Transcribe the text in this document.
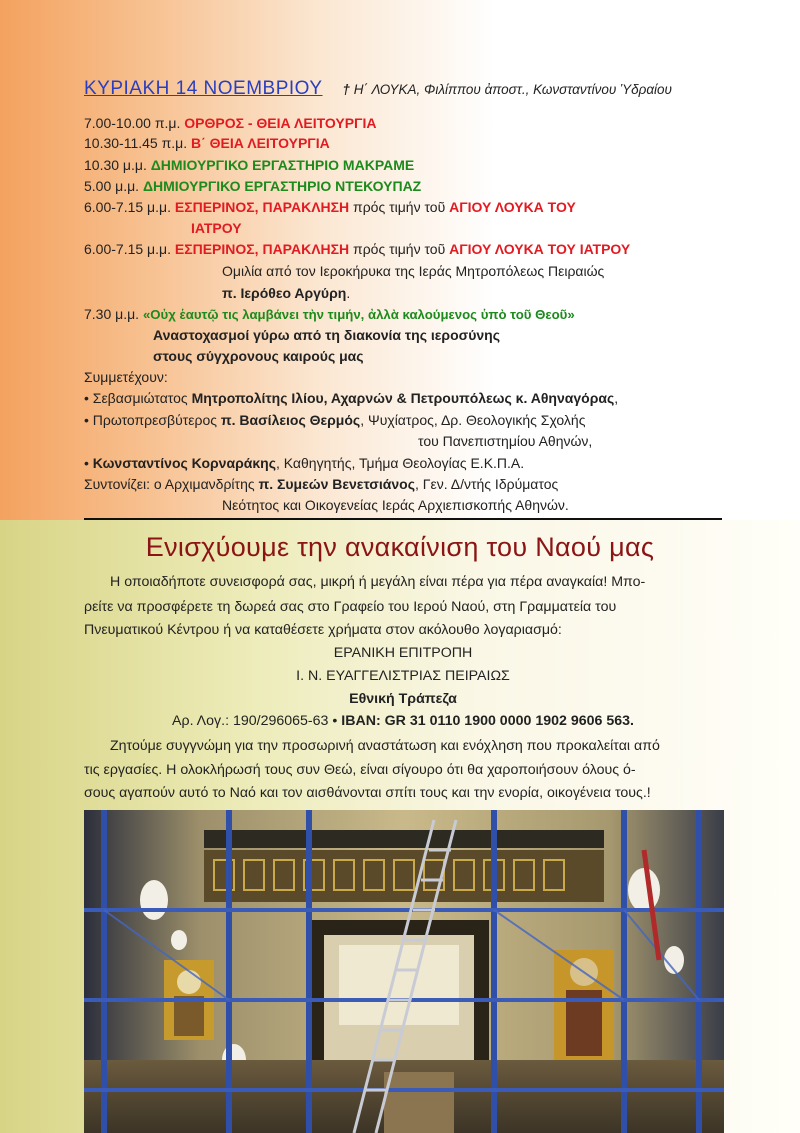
ΚΥΡΙΑΚΗ 14 ΝΟΕΜΒΡΙΟΥ † Η΄ ΛΟΥΚΑ, Φιλίππου ἀποστ., Κωνσταντίνου Ὑδραίου
7.00-10.00 π.μ. ΟΡΘΡΟΣ - ΘΕΙΑ ΛΕΙΤΟΥΡΓΙΑ
10.30-11.45 π.μ. Β΄ ΘΕΙΑ ΛΕΙΤΟΥΡΓΙΑ
10.30 μ.μ. ΔΗΜΙΟΥΡΓΙΚΟ ΕΡΓΑΣΤΗΡΙΟ ΜΑΚΡΑΜΕ
5.00 μ.μ. ΔΗΜΙΟΥΡΓΙΚΟ ΕΡΓΑΣΤΗΡΙΟ ΝΤΕΚΟΥΠΑΖ
6.00-7.15 μ.μ. ΕΣΠΕΡΙΝΟΣ, ΠΑΡΑΚΛΗΣΗ πρός τιμήν τοῦ ΑΓΙΟΥ ΛΟΥΚΑ ΤΟΥ
ΙΑΤΡΟΥ
6.00-7.15 μ.μ. ΕΣΠΕΡΙΝΟΣ, ΠΑΡΑΚΛΗΣΗ πρός τιμήν τοῦ ΑΓΙΟΥ ΛΟΥΚΑ ΤΟΥ ΙΑΤΡΟΥ
Ομιλία από τον Ιεροκήρυκα της Ιεράς Μητροπόλεως Πειραιώς
π. Ιερόθεο Αργύρη.
7.30 μ.μ. «Οὐχ ἑαυτῷ τις λαμβάνει τὴν τιμήν, ἀλλὰ καλούμενος ὑπὸ τοῦ Θεοῦ»
Αναστοχασμοί γύρω από τη διακονία της ιεροσύνης
στους σύγχρονους καιρούς μας
Συμμετέχουν:
• Σεβασμιώτατος Μητροπολίτης Ιλίου, Αχαρνών & Πετρουπόλεως κ. Αθηναγόρας,
• Πρωτοπρεσβύτερος π. Βασίλειος Θερμός, Ψυχίατρος, Δρ. Θεολογικής Σχολής
του Πανεπιστημίου Αθηνών,
• Κωνσταντίνος Κορναράκης, Καθηγητής, Τμήμα Θεολογίας Ε.Κ.Π.Α.
Συντονίζει: ο Αρχιμανδρίτης π. Συμεών Βενετσιάνος, Γεν. Δ/ντής Ιδρύματος
Νεότητος και Οικογενείας Ιεράς Αρχιεπισκοπής Αθηνών.
Ενισχύουμε την ανακαίνιση του Ναού μας
Η οποιαδήποτε συνεισφορά σας, μικρή ή μεγάλη είναι πέρα για πέρα αναγκαία! Μπο-
ρείτε να προσφέρετε τη δωρεά σας στο Γραφείο του Ιερού Ναού, στη Γραμματεία του
Πνευματικού Κέντρου ή να καταθέσετε χρήματα στον ακόλουθο λογαριασμό:
ΕΡΑΝΙΚΗ ΕΠΙΤΡΟΠΗ
Ι. Ν. ΕΥΑΓΓΕΛΙΣΤΡΙΑΣ ΠΕΙΡΑΙΩΣ
Εθνική Τράπεζα
Αρ. Λογ.: 190/296065-63 • IBAN: GR 31 0110 1900 0000 1902 9606 563.
Ζητούμε συγγνώμη για την προσωρινή αναστάτωση και ενόχληση που προκαλείται από
τις εργασίες. Η ολοκλήρωσή τους συν Θεώ, είναι σίγουρο ότι θα χαροποιήσουν όλους ό-
σους αγαπούν αυτό το Ναό και τον αισθάνονται σπίτι τους και την ενορία, οικογένεια τους.!
